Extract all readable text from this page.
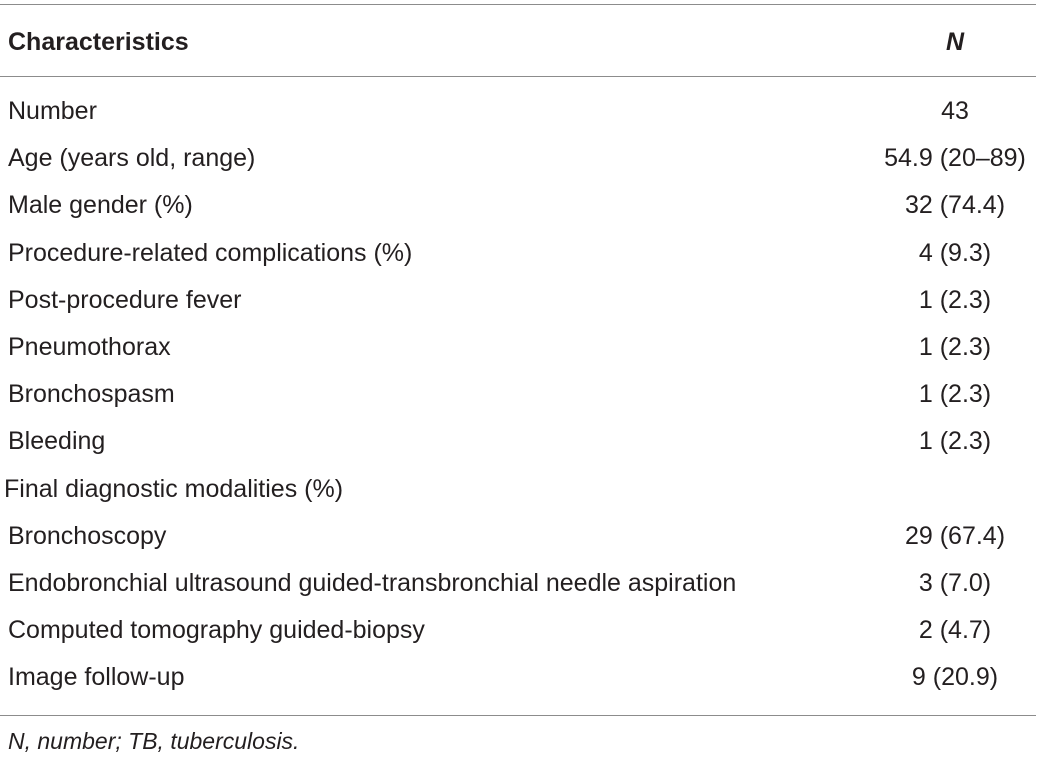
Characteristics	N
Number	43
Age (years old, range)	54.9 (20–89)
Male gender (%)	32 (74.4)
Procedure-related complications (%)	4 (9.3)
Post-procedure fever	1 (2.3)
Pneumothorax	1 (2.3)
Bronchospasm	1 (2.3)
Bleeding	1 (2.3)
Final diagnostic modalities (%)
Bronchoscopy	29 (67.4)
Endobronchial ultrasound guided-transbronchial needle aspiration	3 (7.0)
Computed tomography guided-biopsy	2 (4.7)
Image follow-up	9 (20.9)
N, number; TB, tuberculosis.
